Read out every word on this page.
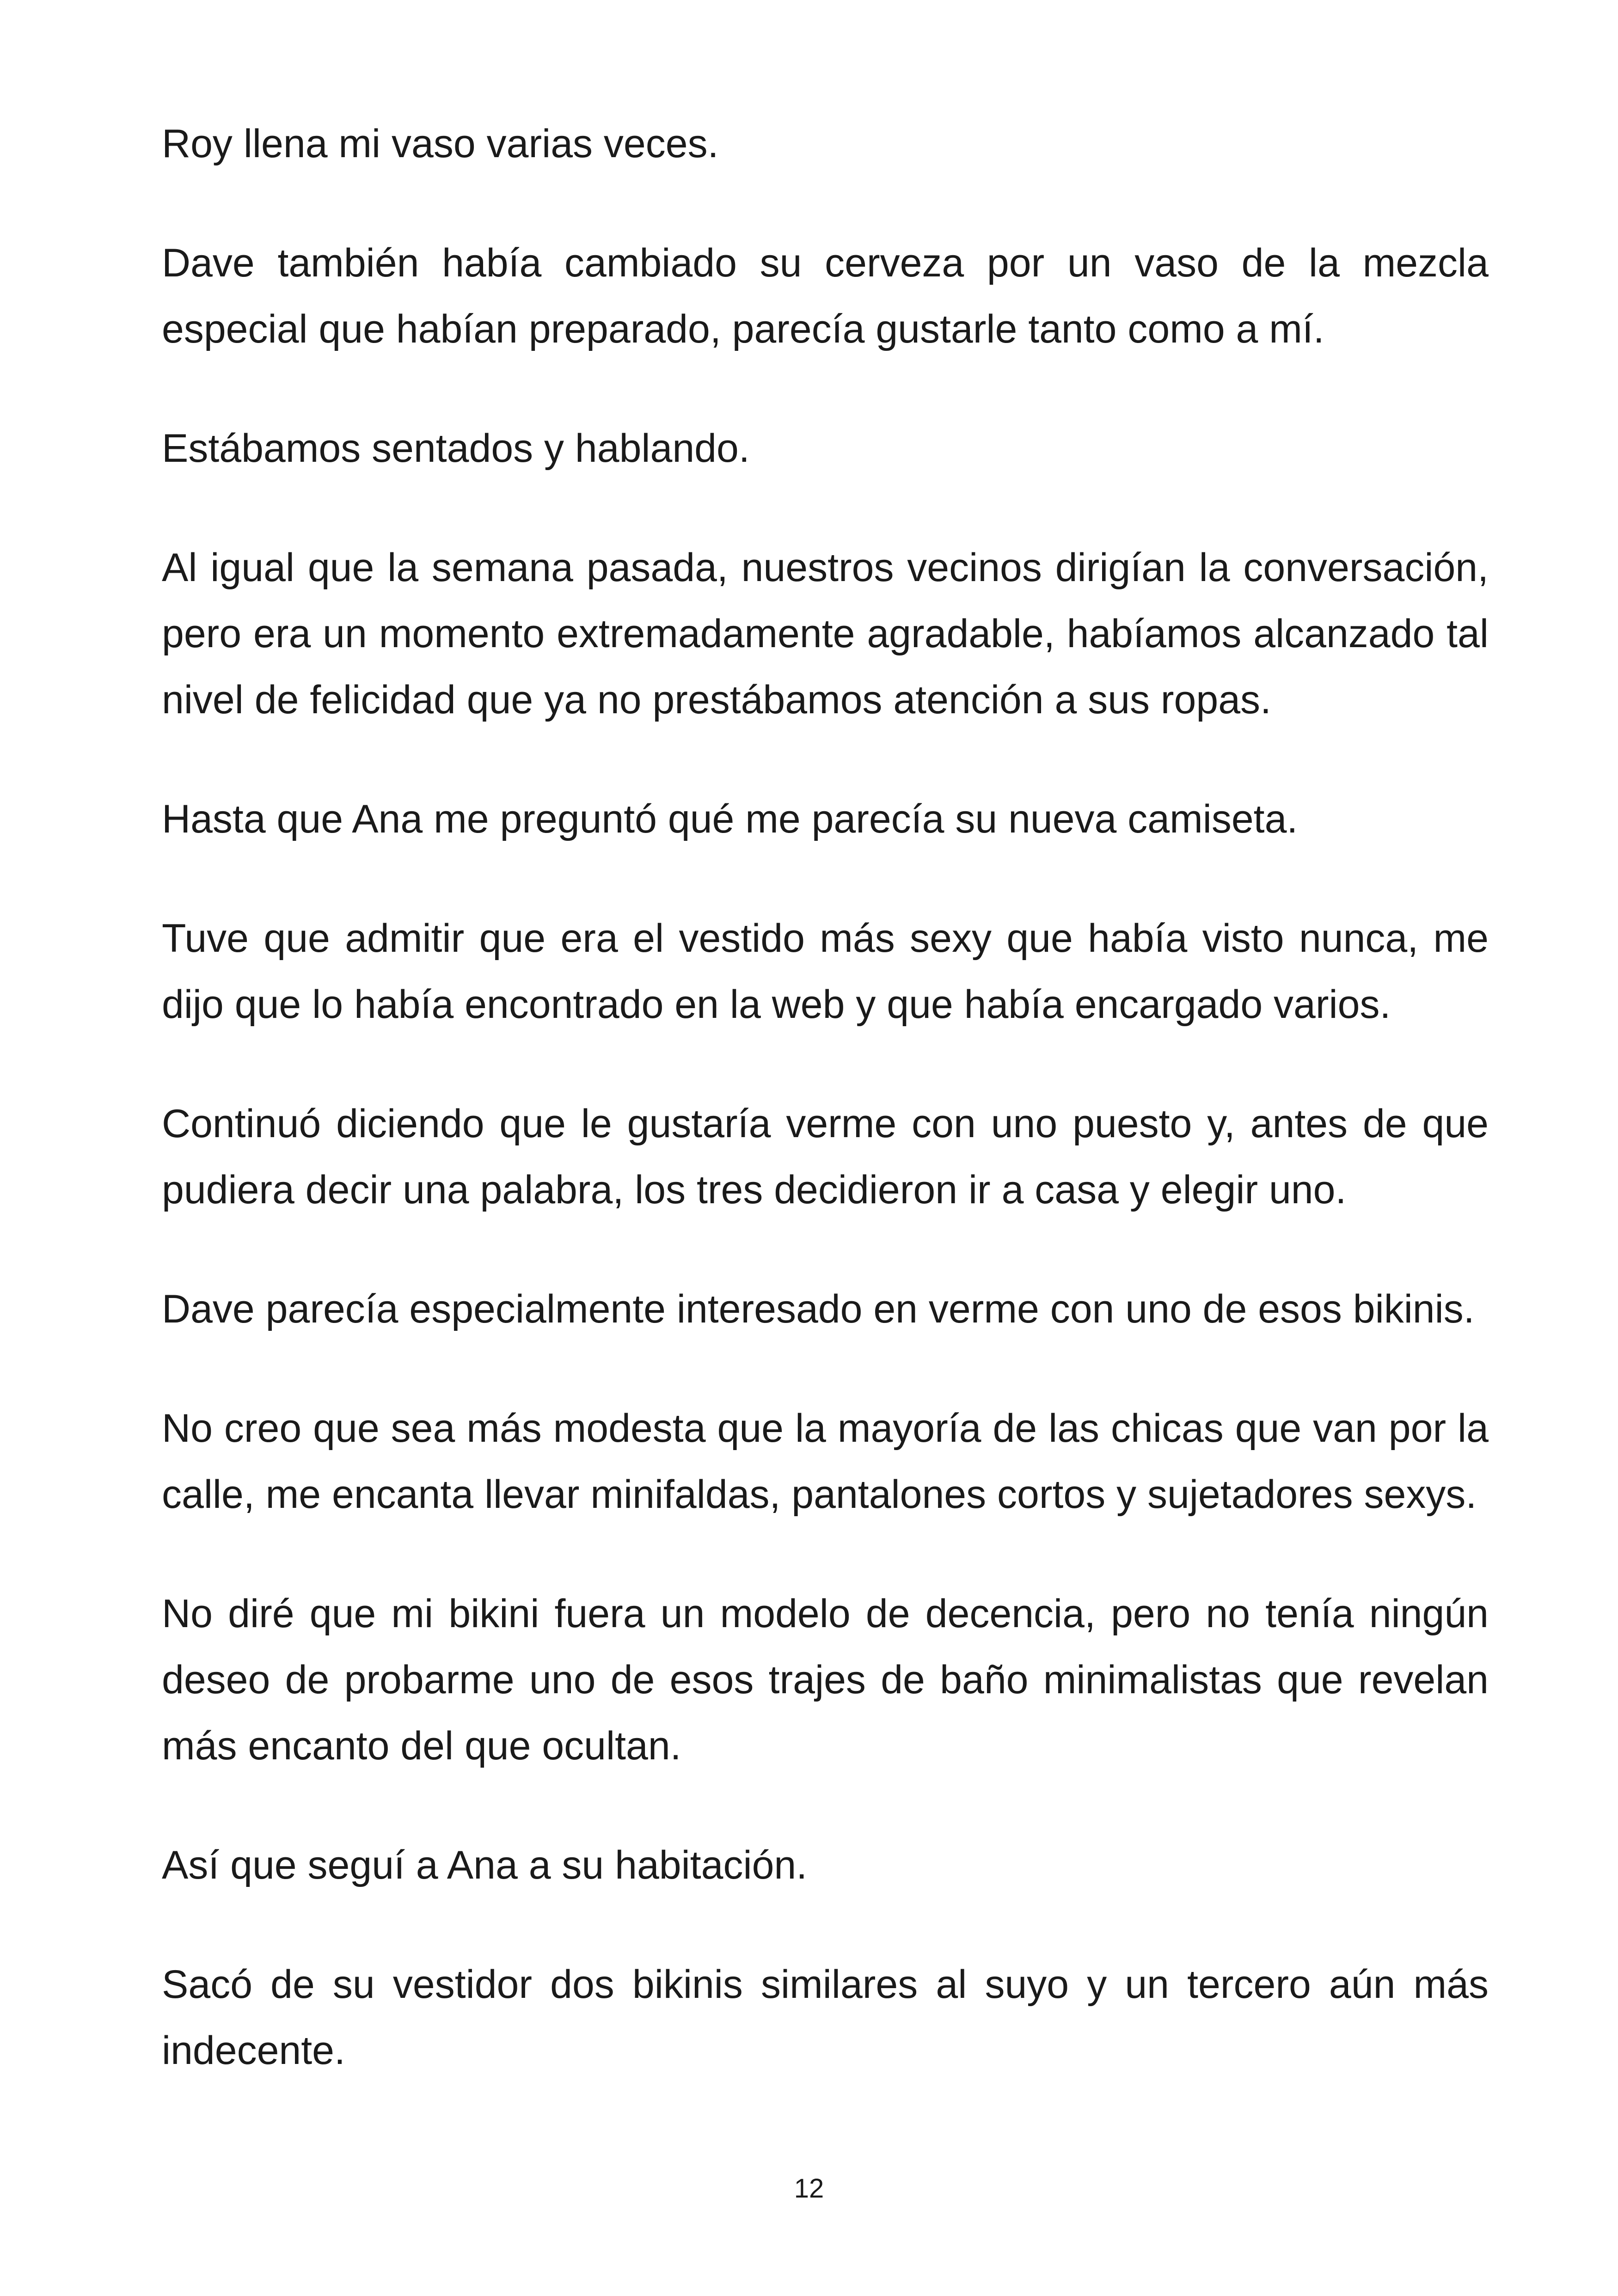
Roy llena mi vaso varias veces.

Dave también había cambiado su cerveza por un vaso de la mezcla especial que habían preparado, parecía gustarle tanto como a mí.

Estábamos sentados y hablando.

Al igual que la semana pasada, nuestros vecinos dirigían la conversación, pero era un momento extremadamente agradable, habíamos alcanzado tal nivel de felicidad que ya no prestábamos atención a sus ropas.

Hasta que Ana me preguntó qué me parecía su nueva camiseta.

Tuve que admitir que era el vestido más sexy que había visto nunca, me dijo que lo había encontrado en la web y que había encargado varios.

Continuó diciendo que le gustaría verme con uno puesto y, antes de que pudiera decir una palabra, los tres decidieron ir a casa y elegir uno.

Dave parecía especialmente interesado en verme con uno de esos bikinis.

No creo que sea más modesta que la mayoría de las chicas que van por la calle, me encanta llevar minifaldas, pantalones cortos y sujetadores sexys.

No diré que mi bikini fuera un modelo de decencia, pero no tenía ningún deseo de probarme uno de esos trajes de baño minimalistas que revelan más encanto del que ocultan.

Así que seguí a Ana a su habitación.

Sacó de su vestidor dos bikinis similares al suyo y un tercero aún más indecente.

12
